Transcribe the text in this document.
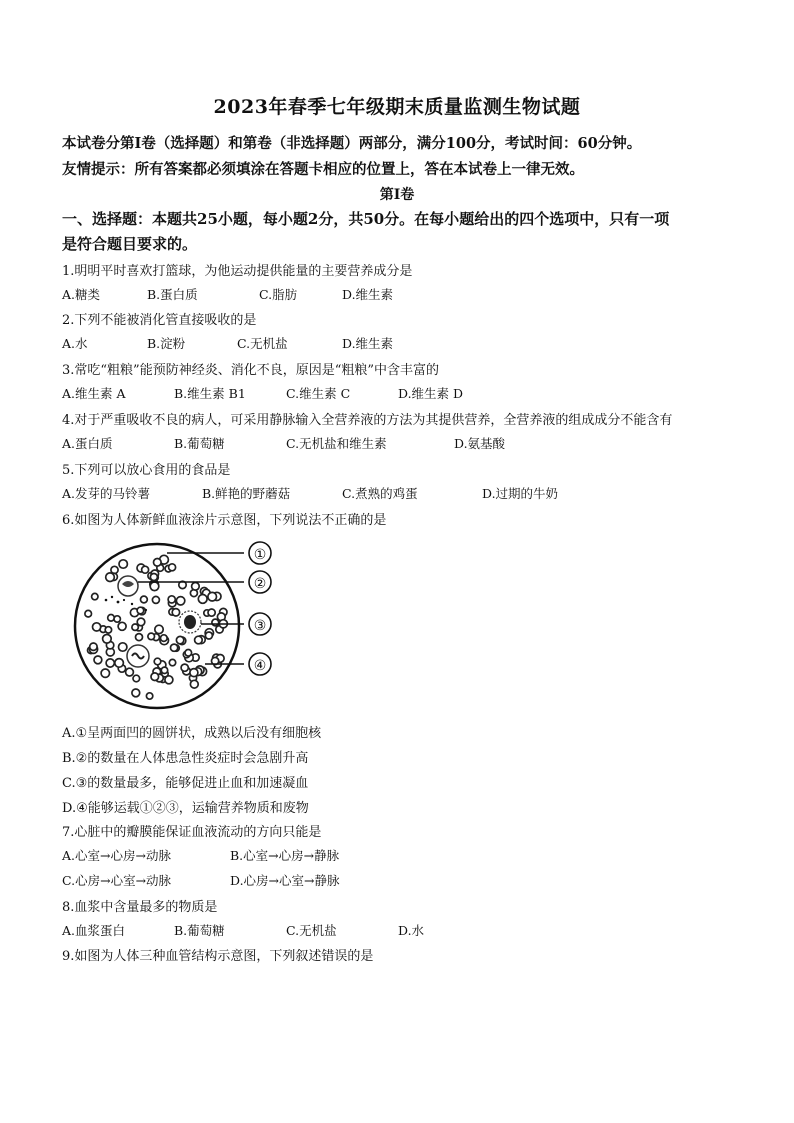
2023年春季七年级期末质量监测生物试题
本试卷分第Ⅰ卷（选择题）和第卷（非选择题）两部分，满分100分，考试时间：60分钟。
友情提示：所有答案都必须填涂在答题卡相应的位置上，答在本试卷上一律无效。
第Ⅰ卷
一、选择题：本题共25小题，每小题2分，共50分。在每小题给出的四个选项中，只有一项
是符合题目要求的。
1.明明平时喜欢打篮球，为他运动提供能量的主要营养成分是
A.糖类	B.蛋白质	C.脂肪	D.维生素
2.下列不能被消化管直接吸收的是
A.水	B.淀粉	C.无机盐	D.维生素
3.常吃“粗粮”能预防神经炎、消化不良，原因是“粗粮”中含丰富的
A.维生素 A	B.维生素 B1	C.维生素 C	D.维生素 D
4.对于严重吸收不良的病人，可采用静脉输入全营养液的方法为其提供营养，全营养液的组成成分不能含有
A.蛋白质	B.葡萄糖	C.无机盐和维生素	D.氨基酸
5.下列可以放心食用的食品是
A.发芽的马铃薯	B.鲜艳的野蘑菇	C.煮熟的鸡蛋	D.过期的牛奶
6.如图为人体新鲜血液涂片示意图，下列说法不正确的是
①
②
③
④
A.①呈两面凹的圆饼状，成熟以后没有细胞核
B.②的数量在人体患急性炎症时会急剧升高
C.③的数量最多，能够促进止血和加速凝血
D.④能够运载①②③，运输营养物质和废物
7.心脏中的瓣膜能保证血液流动的方向只能是
A.心室→心房→动脉	B.心室→心房→静脉
C.心房→心室→动脉	D.心房→心室→静脉
8.血浆中含量最多的物质是
A.血浆蛋白	B.葡萄糖	C.无机盐	D.水
9.如图为人体三种血管结构示意图，下列叙述错误的是
